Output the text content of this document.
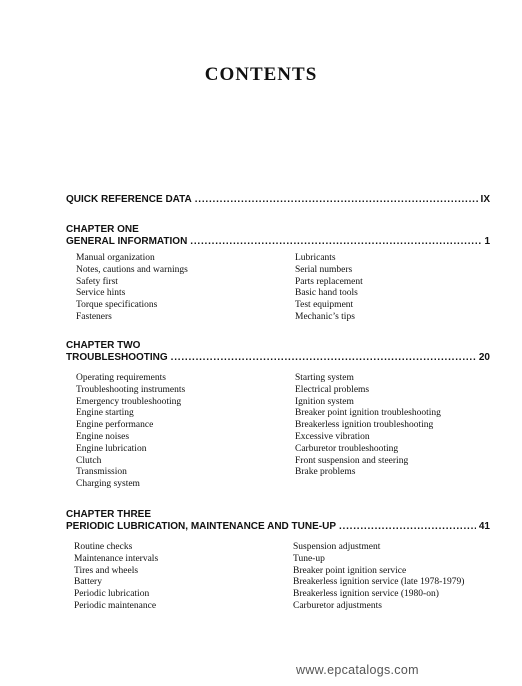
CONTENTS
QUICK REFERENCE DATA . . .	IX
CHAPTER ONE
GENERAL INFORMATION . . .	1
Manual organization
Notes, cautions and warnings
Safety first
Service hints
Torque specifications
Fasteners
Lubricants
Serial numbers
Parts replacement
Basic hand tools
Test equipment
Mechanic’s tips
CHAPTER TWO
TROUBLESHOOTING . . .	20
Operating requirements
Troubleshooting instruments
Emergency troubleshooting
Engine starting
Engine performance
Engine noises
Engine lubrication
Clutch
Transmission
Charging system
Starting system
Electrical problems
Ignition system
Breaker point ignition troubleshooting
Breakerless ignition troubleshooting
Excessive vibration
Carburetor troubleshooting
Front suspension and steering
Brake problems
CHAPTER THREE
PERIODIC LUBRICATION, MAINTENANCE AND TUNE-UP . . .	41
Routine checks
Maintenance intervals
Tires and wheels
Battery
Periodic lubrication
Periodic maintenance
Suspension adjustment
Tune-up
Breaker point ignition service
Breakerless ignition service (late 1978-1979)
Breakerless ignition service (1980-on)
Carburetor adjustments
www.epcatalogs.com
